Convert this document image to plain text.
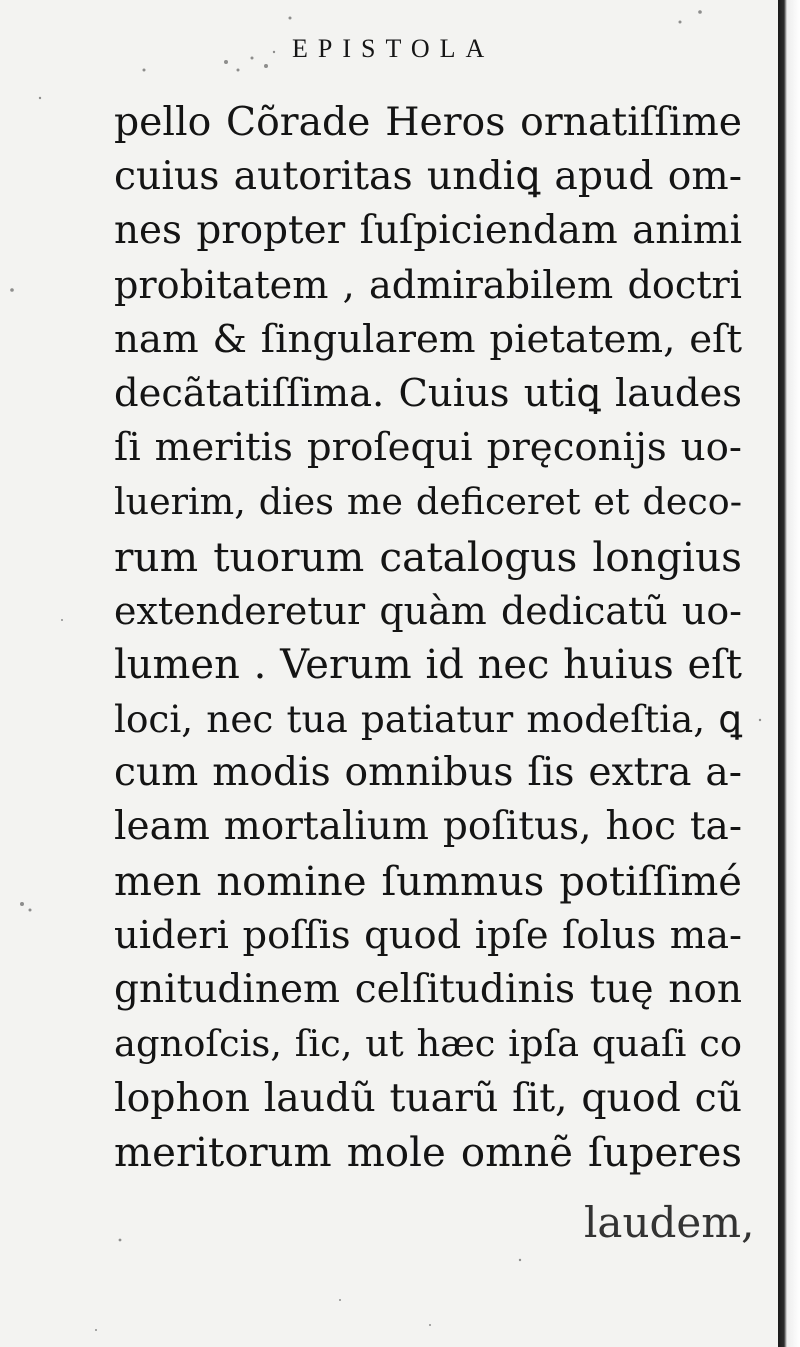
EPISTOLA
pello Cõrade Heros ornatiſſime
cuius autoritas undiꝗ apud om-
nes propter ſuſpiciendam animi
probitatem , admirabilem doctri
nam & ſingularem pietatem, eſt
decãtatiſſima. Cuius utiꝗ laudes
ſi meritis proſequi pręconijs uo-
luerim, dies me deficeret et deco-
rum tuorum catalogus longius
extenderetur quàm dedicatũ uo-
lumen . Verum id nec huius eſt
loci, nec tua patiatur modeſtia, ꝗ
cum modis omnibus ſis extra a-
leam mortalium poſitus, hoc ta-
men nomine ſummus potiſſimé
uideri poſſis quod ipſe ſolus ma-
gnitudinem celſitudinis tuę non
agnoſcis, ſic, ut hæc ipſa quaſi co
lophon laudũ tuarũ ſit, quod cũ
meritorum mole omnẽ ſuperes
laudem,
